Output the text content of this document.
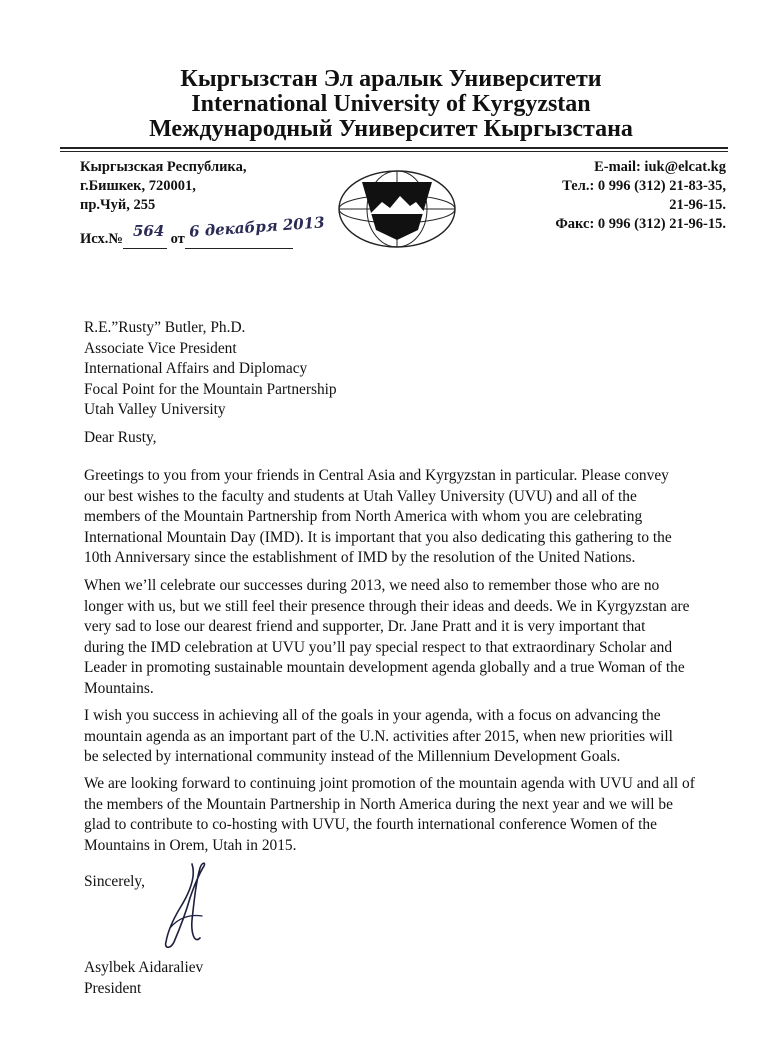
Кыргызстан Эл аралык Университети
International University of Kyrgyzstan
Международный Университет Кыргызстана
Кыргызская Республика,
г.Бишкек, 720001,
пр.Чуй, 255
Исх.№ 564 от 6 декабря 2013
E-mail: iuk@elcat.kg
Тел.: 0 996 (312) 21-83-35,
21-96-15.
Факс: 0 996 (312) 21-96-15.
R.E.”Rusty” Butler, Ph.D.
Associate Vice President
International Affairs and Diplomacy
Focal Point for the Mountain Partnership
Utah Valley University
Dear Rusty,
Greetings to you from your friends in Central Asia and Kyrgyzstan in particular. Please convey
our best wishes to the faculty and students at Utah Valley University (UVU) and all of the
members of the Mountain Partnership from North America with whom you are celebrating
International Mountain Day (IMD). It is important that you also dedicating this gathering to the
10th Anniversary since the establishment of IMD by the resolution of the United Nations.
When we’ll celebrate our successes during 2013, we need also to remember those who are no
longer with us, but we still feel their presence through their ideas and deeds. We in Kyrgyzstan are
very sad to lose our dearest friend and supporter, Dr. Jane Pratt and it is very important that
during the IMD celebration at UVU you’ll pay special respect to that extraordinary Scholar and
Leader in promoting sustainable mountain development agenda globally and a true Woman of the
Mountains.
I wish you success in achieving all of the goals in your agenda, with a focus on advancing the
mountain agenda as an important part of the U.N. activities after 2015, when new priorities will
be selected by international community instead of the Millennium Development Goals.
We are looking forward to continuing joint promotion of the mountain agenda with UVU and all of
the members of the Mountain Partnership in North America during the next year and we will be
glad to contribute to co-hosting with UVU, the fourth international conference Women of the
Mountains in Orem, Utah in 2015.
Sincerely,
Asylbek Aidaraliev
President
